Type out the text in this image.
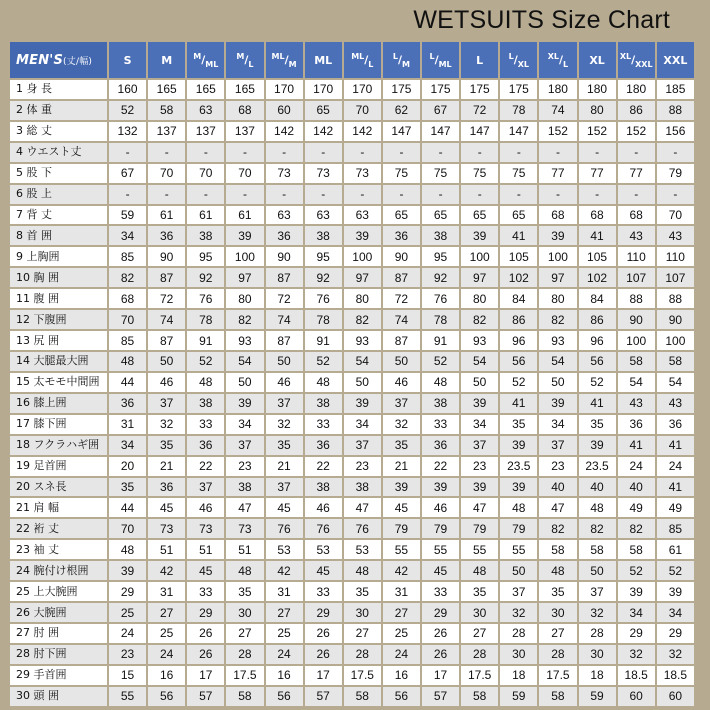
WETSUITS Size Chart
MEN'S(丈/幅)	S	M	$^M/_{ML}$	$^M/_L$	$^{ML}/_M$	ML	$^{ML}/_L$	$^L/_M$	$^L/_{ML}$	L	$^L/_{XL}$	$^{XL}/_L$	XL	$^{XL}/_{XXL}$	XXL
1 身 長	160	165	165	165	170	170	170	175	175	175	175	180	180	180	185
2 体 重	52	58	63	68	60	65	70	62	67	72	78	74	80	86	88
3 総 丈	132	137	137	137	142	142	142	147	147	147	147	152	152	152	156
4 ウエスト丈	-	-	-	-	-	-	-	-	-	-	-	-	-	-	-
5 股 下	67	70	70	70	73	73	73	75	75	75	75	77	77	77	79
6 股 上	-	-	-	-	-	-	-	-	-	-	-	-	-	-	-
7 背 丈	59	61	61	61	63	63	63	65	65	65	65	68	68	68	70
8 首 囲	34	36	38	39	36	38	39	36	38	39	41	39	41	43	43
9 上胸囲	85	90	95	100	90	95	100	90	95	100	105	100	105	110	110
10 胸 囲	82	87	92	97	87	92	97	87	92	97	102	97	102	107	107
11 腹 囲	68	72	76	80	72	76	80	72	76	80	84	80	84	88	88
12 下腹囲	70	74	78	82	74	78	82	74	78	82	86	82	86	90	90
13 尻 囲	85	87	91	93	87	91	93	87	91	93	96	93	96	100	100
14 大腿最大囲	48	50	52	54	50	52	54	50	52	54	56	54	56	58	58
15 太モモ中間囲	44	46	48	50	46	48	50	46	48	50	52	50	52	54	54
16 膝上囲	36	37	38	39	37	38	39	37	38	39	41	39	41	43	43
17 膝下囲	31	32	33	34	32	33	34	32	33	34	35	34	35	36	36
18 フクラハギ囲	34	35	36	37	35	36	37	35	36	37	39	37	39	41	41
19 足首囲	20	21	22	23	21	22	23	21	22	23	23.5	23	23.5	24	24
20 スネ長	35	36	37	38	37	38	38	39	39	39	39	40	40	40	41
21 肩 幅	44	45	46	47	45	46	47	45	46	47	48	47	48	49	49
22 裄 丈	70	73	73	73	76	76	76	79	79	79	79	82	82	82	85
23 袖 丈	48	51	51	51	53	53	53	55	55	55	55	58	58	58	61
24 腕付け根囲	39	42	45	48	42	45	48	42	45	48	50	48	50	52	52
25 上大腕囲	29	31	33	35	31	33	35	31	33	35	37	35	37	39	39
26 大腕囲	25	27	29	30	27	29	30	27	29	30	32	30	32	34	34
27 肘 囲	24	25	26	27	25	26	27	25	26	27	28	27	28	29	29
28 肘下囲	23	24	26	28	24	26	28	24	26	28	30	28	30	32	32
29 手首囲	15	16	17	17.5	16	17	17.5	16	17	17.5	18	17.5	18	18.5	18.5
30 頭 囲	55	56	57	58	56	57	58	56	57	58	59	58	59	60	60
